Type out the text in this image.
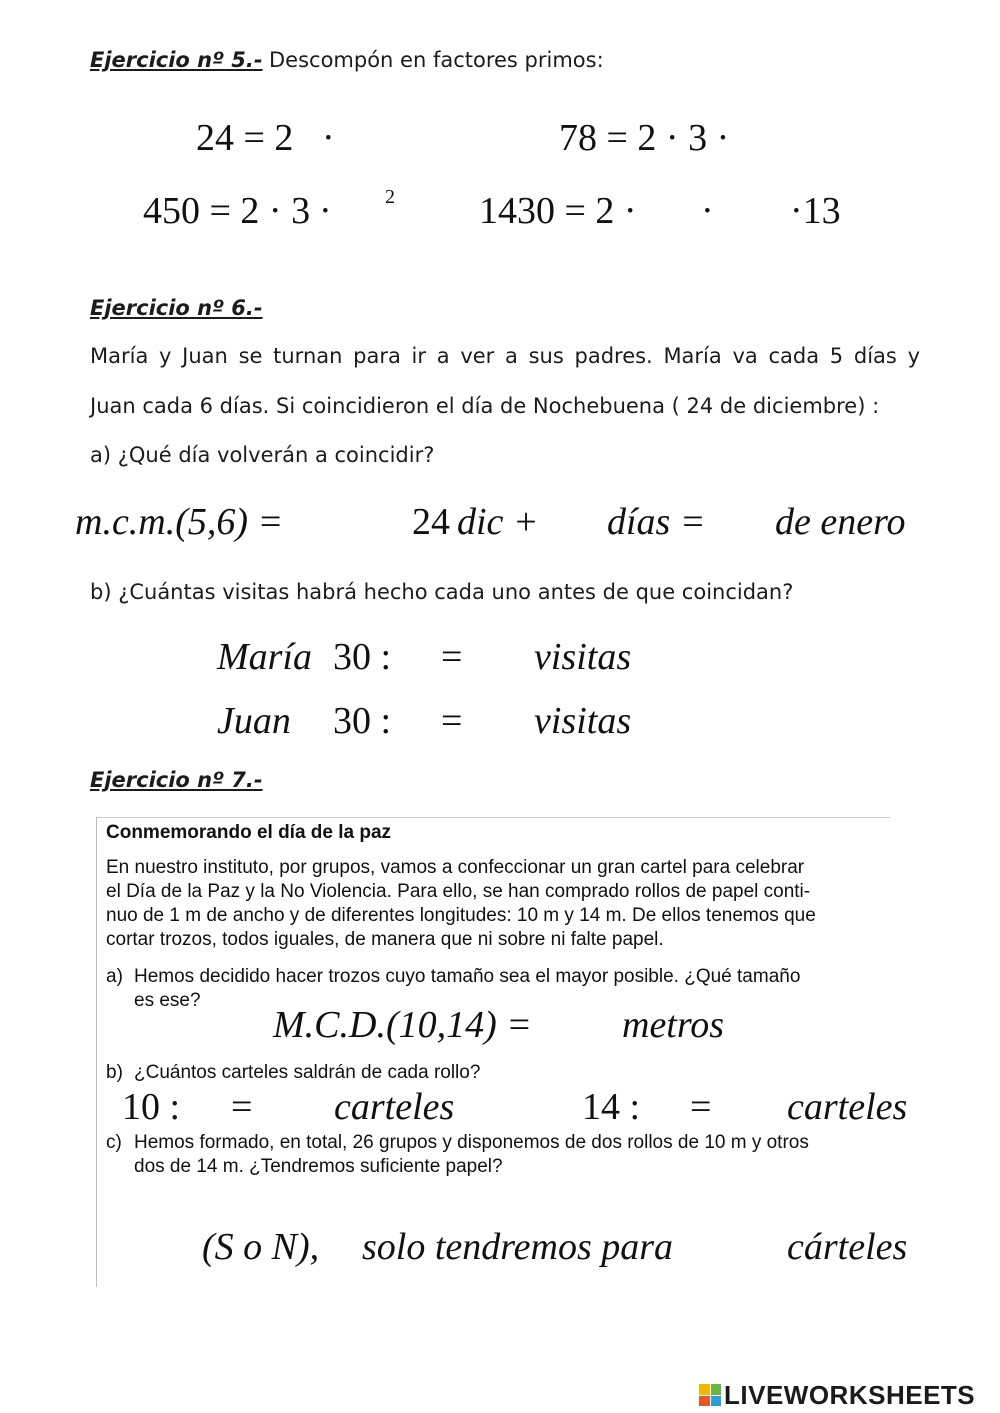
Ejercicio nº 5.- Descompón en factores primos:
24 = 2 ·	78 = 2 · 3 ·
450 = 2 · 3 ·	2 1430 = 2 · · ·13
Ejercicio nº 6.-
María y Juan se turnan para ir a ver a sus padres. María va cada 5 días y
Juan cada 6 días. Si coincidieron el día de Nochebuena ( 24 de diciembre) :
a) ¿Qué día volverán a coincidir?
m.c.m.(5,6) =	24 dic + días = de enero
b) ¿Cuántas visitas habrá hecho cada uno antes de que coincidan?
María 30 : = visitas
Juan 30 : = visitas
Ejercicio nº 7.-
Conmemorando el día de la paz
En nuestro instituto, por grupos, vamos a confeccionar un gran cartel para celebrar
el Día de la Paz y la No Violencia. Para ello, se han comprado rollos de papel conti-
nuo de 1 m de ancho y de diferentes longitudes: 10 m y 14 m. De ellos tenemos que
cortar trozos, todos iguales, de manera que ni sobre ni falte papel.
a) Hemos decidido hacer trozos cuyo tamaño sea el mayor posible. ¿Qué tamaño
es ese?
M.C.D.(10,14) = metros
b) ¿Cuántos carteles saldrán de cada rollo?
10 : = carteles	14 : = carteles
c) Hemos formado, en total, 26 grupos y disponemos de dos rollos de 10 m y otros
dos de 14 m. ¿Tendremos suficiente papel?
(S o N), solo tendremos para	cárteles
LIVEWORKSHEETS
